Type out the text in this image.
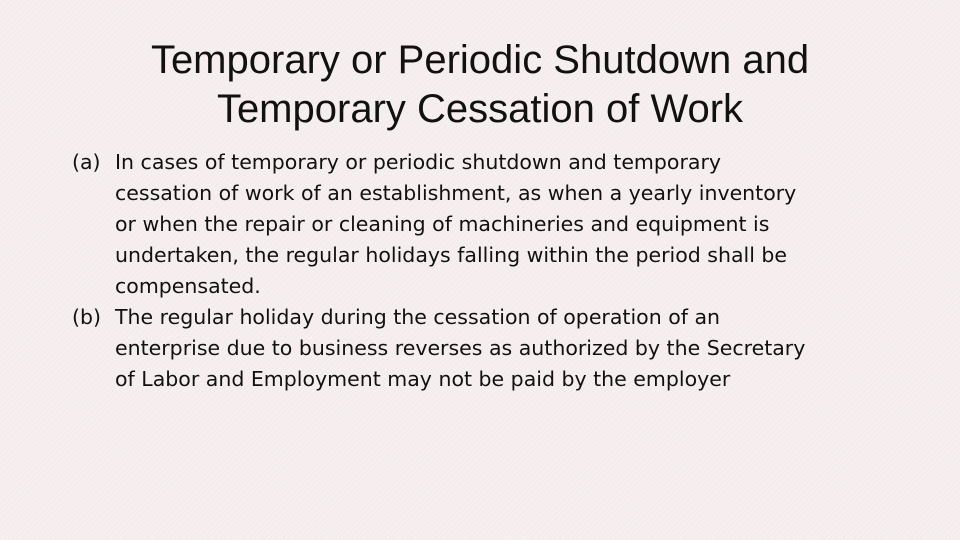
Temporary or Periodic Shutdown and
Temporary Cessation of Work
(a) In cases of temporary or periodic shutdown and temporary
cessation of work of an establishment, as when a yearly inventory
or when the repair or cleaning of machineries and equipment is
undertaken, the regular holidays falling within the period shall be
compensated.
(b) The regular holiday during the cessation of operation of an
enterprise due to business reverses as authorized by the Secretary
of Labor and Employment may not be paid by the employer
